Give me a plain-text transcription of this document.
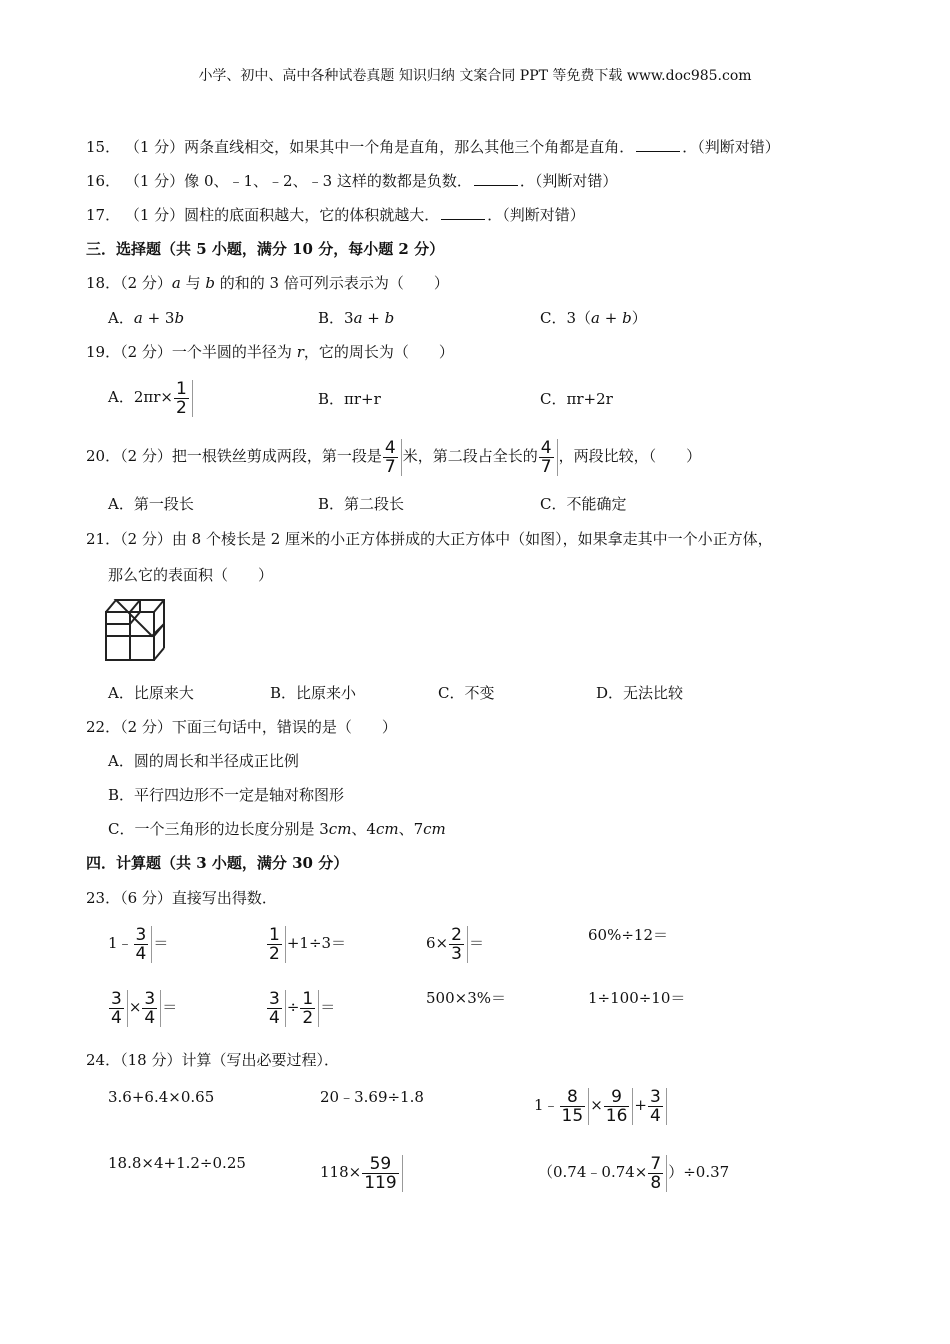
小学、初中、高中各种试卷真题 知识归纳 文案合同 PPT 等免费下载 www.doc985.com
15． （1 分）两条直线相交，如果其中一个角是直角，那么其他三个角都是直角．	．（判断对错）
16． （1 分）像 0、﹣1、﹣2、﹣3 这样的数都是负数．	．（判断对错）
17． （1 分）圆柱的底面积越大，它的体积就越大．	．（判断对错）
三．选择题（共 5 小题，满分 10 分，每小题 2 分）
18．（2 分）a 与 b 的和的 3 倍可列示表示为（　　）
A．a + 3b	B．3a + b	C．3（a + b）
19．（2 分）一个半圆的半径为 r，它的周长为（　　）
A．$2\pi r\times \frac{1}{2}$	B．πr+r	C．πr+2r
20．（2 分）把一根铁丝剪成两段，第一段是 $\frac{4}{7}$ 米，第二段占全长的 $\frac{4}{7}$ ，两段比较，（　　）
A．第一段长	B．第二段长	C．不能确定
21．（2 分）由 8 个棱长是 2 厘米的小正方体拼成的大正方体中（如图），如果拿走其中一个小正方体，
那么它的表面积（　　）
A．比原来大	B．比原来小	C．不变	D．无法比较
22．（2 分）下面三句话中，错误的是（　　）
A．圆的周长和半径成正比例
B．平行四边形不一定是轴对称图形
C．一个三角形的边长度分别是 3cm、4cm、7cm
四．计算题（共 3 小题，满分 30 分）
23．（6 分）直接写出得数．
1﹣ $\frac{3}{4}$ ＝	$\frac{1}{2} +1\div 3=$	$6\times \frac{2}{3}$ ＝	60%÷12＝
$\frac{3}{4} \times \frac{3}{4}$ ＝	$\frac{3}{4} \div \frac{1}{2}$ ＝	500×3%＝	1÷100÷10＝
24．（18 分）计算（写出必要过程）．
3.6+6.4×0.65	20﹣3.69÷1.8	1﹣ $\frac{8}{15} \times \frac{9}{16} + \frac{3}{4}$
18.8×4+1.2÷0.25	$118\times \frac{59}{119}$	（0.74﹣0.74× $\frac{7}{8} )\div 0.37$
